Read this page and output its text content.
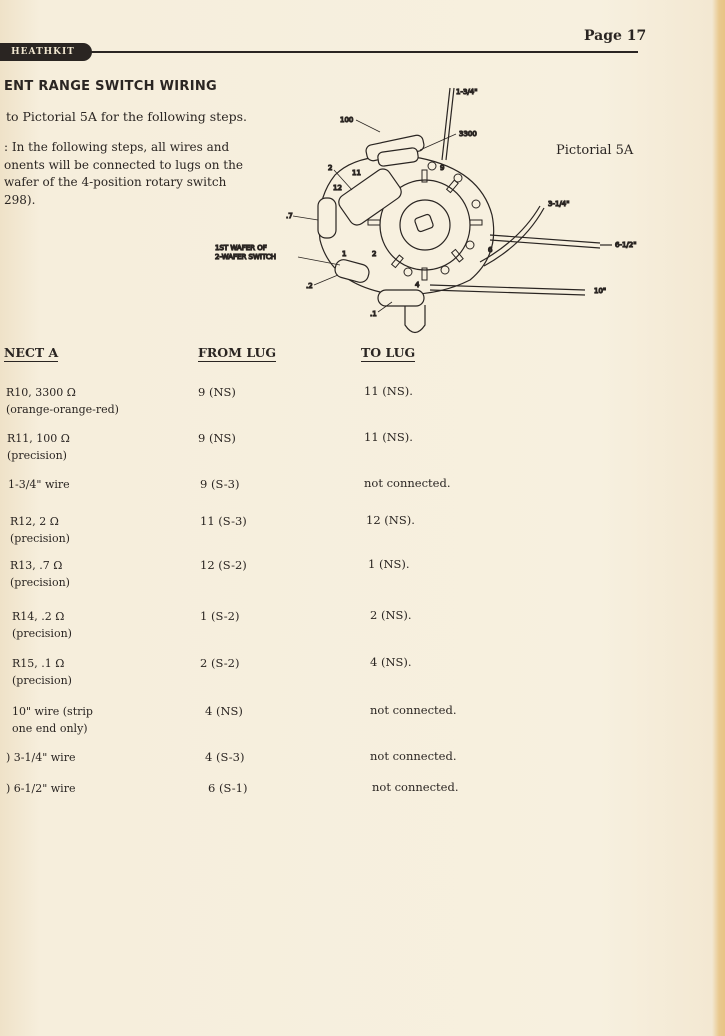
HEATHKIT
Page 17
ENT RANGE SWITCH WIRING
to Pictorial 5A for the following steps.
: In the following steps, all wires and
onents will be connected to lugs on the
wafer of the 4-position rotary switch
298).
Pictorial 5A
1-3/4"
100
3300
9
2
11
12
.7
1ST WAFER OF
2-WAFER SWITCH	1	2
.2	4
.1
6
3-1/4"
6-1/2"
10"
NECT A	FROM LUG	TO LUG
R10, 3300 Ω
(orange-orange-red)
9 (NS)	11 (NS).
R11, 100 Ω
(precision)
9 (NS)	11 (NS).
1-3/4" wire	9 (S-3)	not connected.
R12, 2 Ω
(precision)
11 (S-3)	12 (NS).
R13, .7 Ω
(precision)
12 (S-2)	1 (NS).
R14, .2 Ω
(precision)
1 (S-2)	2 (NS).
R15, .1 Ω
(precision)
2 (S-2)	4 (NS).
10" wire (strip
one end only)
4 (NS)	not connected.
) 3-1/4" wire	4 (S-3)	not connected.
) 6-1/2" wire	6 (S-1)	not connected.
